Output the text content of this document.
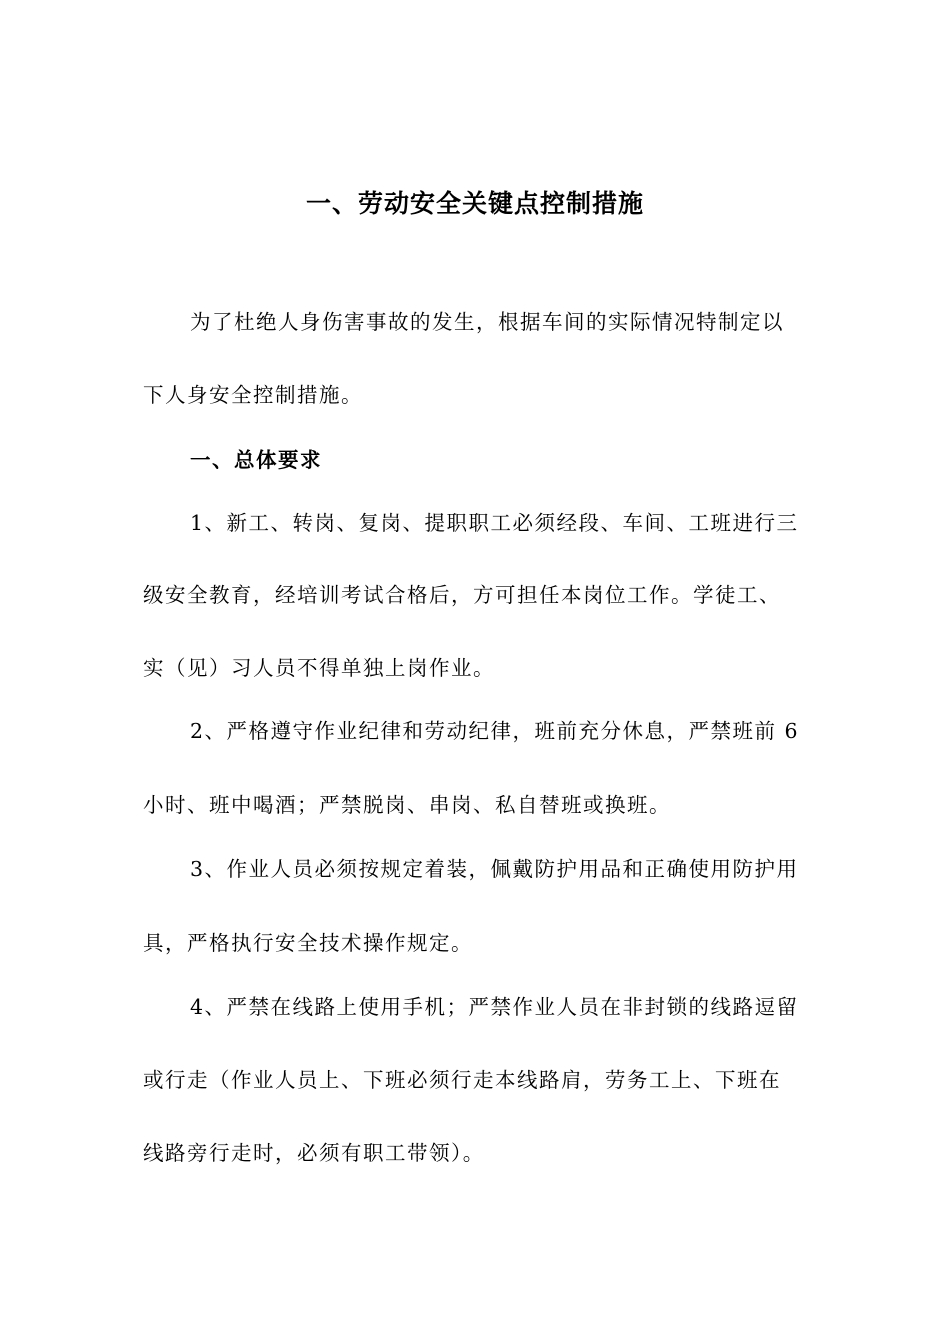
一、劳动安全关键点控制措施
为了杜绝人身伤害事故的发生，根据车间的实际情况特制定以
下人身安全控制措施。
一、总体要求
1、新工、转岗、复岗、提职职工必须经段、车间、工班进行三
级安全教育，经培训考试合格后，方可担任本岗位工作。学徒工、
实（见）习人员不得单独上岗作业。
2、严格遵守作业纪律和劳动纪律，班前充分休息，严禁班前 6
小时、班中喝酒；严禁脱岗、串岗、私自替班或换班。
3、作业人员必须按规定着装，佩戴防护用品和正确使用防护用
具，严格执行安全技术操作规定。
4、严禁在线路上使用手机；严禁作业人员在非封锁的线路逗留
或行走（作业人员上、下班必须行走本线路肩，劳务工上、下班在
线路旁行走时，必须有职工带领）。
